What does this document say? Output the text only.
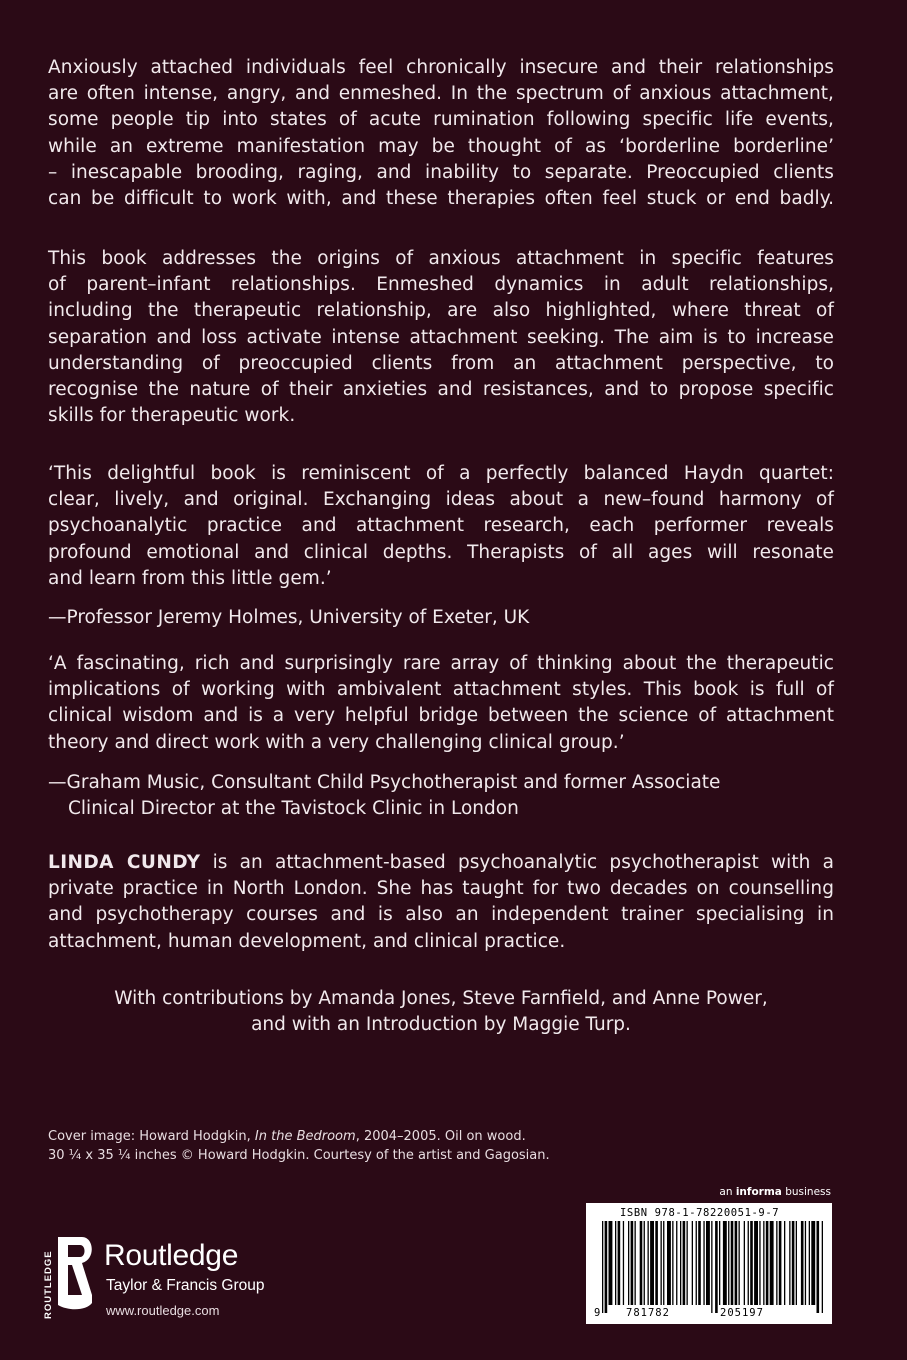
Anxiously attached individuals feel chronically insecure and their relationships
are often intense, angry, and enmeshed. In the spectrum of anxious attachment,
some people tip into states of acute rumination following specific life events,
while an extreme manifestation may be thought of as ‘borderline borderline’
– inescapable brooding, raging, and inability to separate. Preoccupied clients
can be difficult to work with, and these therapies often feel stuck or end badly.
This book addresses the origins of anxious attachment in specific features
of parent–infant relationships. Enmeshed dynamics in adult relationships,
including the therapeutic relationship, are also highlighted, where threat of
separation and loss activate intense attachment seeking. The aim is to increase
understanding of preoccupied clients from an attachment perspective, to
recognise the nature of their anxieties and resistances, and to propose specific
skills for therapeutic work.
‘This delightful book is reminiscent of a perfectly balanced Haydn quartet:
clear, lively, and original. Exchanging ideas about a new–found harmony of
psychoanalytic practice and attachment research, each performer reveals
profound emotional and clinical depths. Therapists of all ages will resonate
and learn from this little gem.’
—Professor Jeremy Holmes, University of Exeter, UK
‘A fascinating, rich and surprisingly rare array of thinking about the therapeutic
implications of working with ambivalent attachment styles. This book is full of
clinical wisdom and is a very helpful bridge between the science of attachment
theory and direct work with a very challenging clinical group.’
—Graham Music, Consultant Child Psychotherapist and former Associate
Clinical Director at the Tavistock Clinic in London
LINDA CUNDY is an attachment-based psychoanalytic psychotherapist with a
private practice in North London. She has taught for two decades on counselling
and psychotherapy courses and is also an independent trainer specialising in
attachment, human development, and clinical practice.
With contributions by Amanda Jones, Steve Farnfield, and Anne Power,
and with an Introduction by Maggie Turp.
Cover image: Howard Hodgkin, In the Bedroom, 2004–2005. Oil on wood.
30 ¼ x 35 ¼ inches © Howard Hodgkin. Courtesy of the artist and Gagosian.
an informa business
ISBN 978-1-78220051-9-7
9 781782	205197
ROUTLEDGE Routledge
Taylor & Francis Group
www.routledge.com
